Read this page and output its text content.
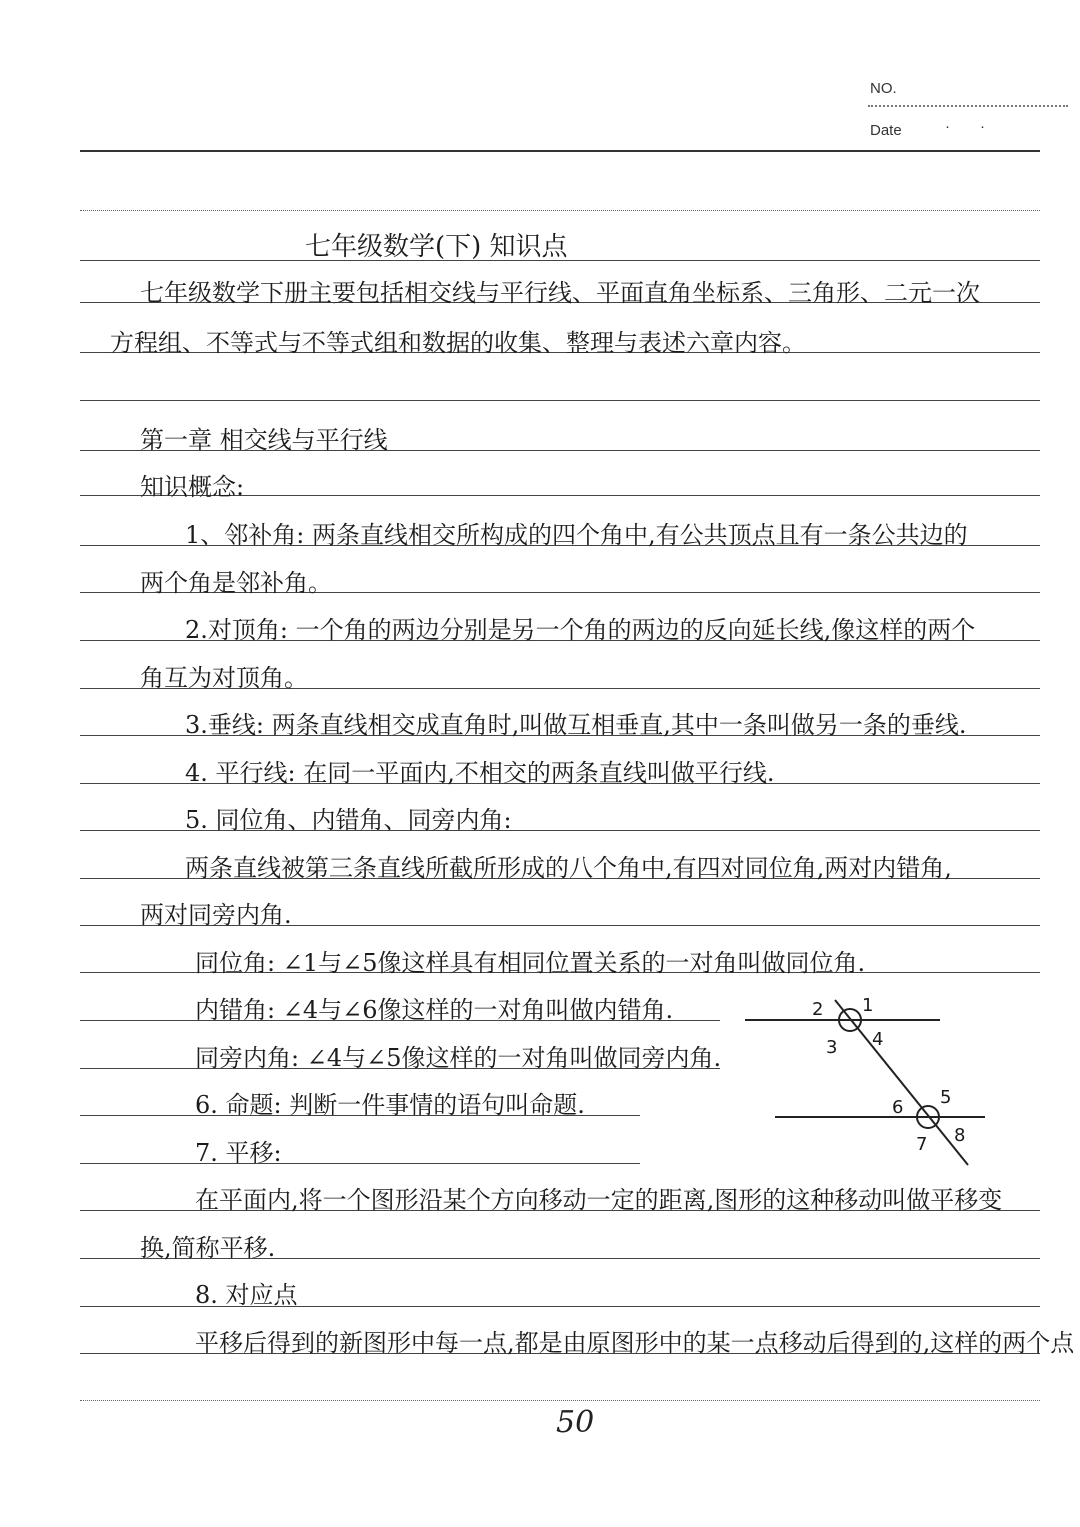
NO.
Date	··
七年级数学(下) 知识点
七年级数学下册主要包括相交线与平行线、平面直角坐标系、三角形、二元一次
方程组、不等式与不等式组和数据的收集、整理与表述六章内容。
第一章 相交线与平行线
知识概念:
1、邻补角: 两条直线相交所构成的四个角中,有公共顶点且有一条公共边的
两个角是邻补角。
2.对顶角: 一个角的两边分别是另一个角的两边的反向延长线,像这样的两个
角互为对顶角。
3.垂线: 两条直线相交成直角时,叫做互相垂直,其中一条叫做另一条的垂线.
4. 平行线: 在同一平面内,不相交的两条直线叫做平行线.
5. 同位角、内错角、同旁内角:
两条直线被第三条直线所截所形成的八个角中,有四对同位角,两对内错角,
两对同旁内角.
同位角: ∠1与∠5像这样具有相同位置关系的一对角叫做同位角.
内错角: ∠4与∠6像这样的一对角叫做内错角.
同旁内角: ∠4与∠5像这样的一对角叫做同旁内角.
6. 命题: 判断一件事情的语句叫命题.
7. 平移:
在平面内,将一个图形沿某个方向移动一定的距离,图形的这种移动叫做平移变
换,简称平移.
8. 对应点
平移后得到的新图形中每一点,都是由原图形中的某一点移动后得到的,这样的两个点
2 1
3 4
6 5
7 8
50
